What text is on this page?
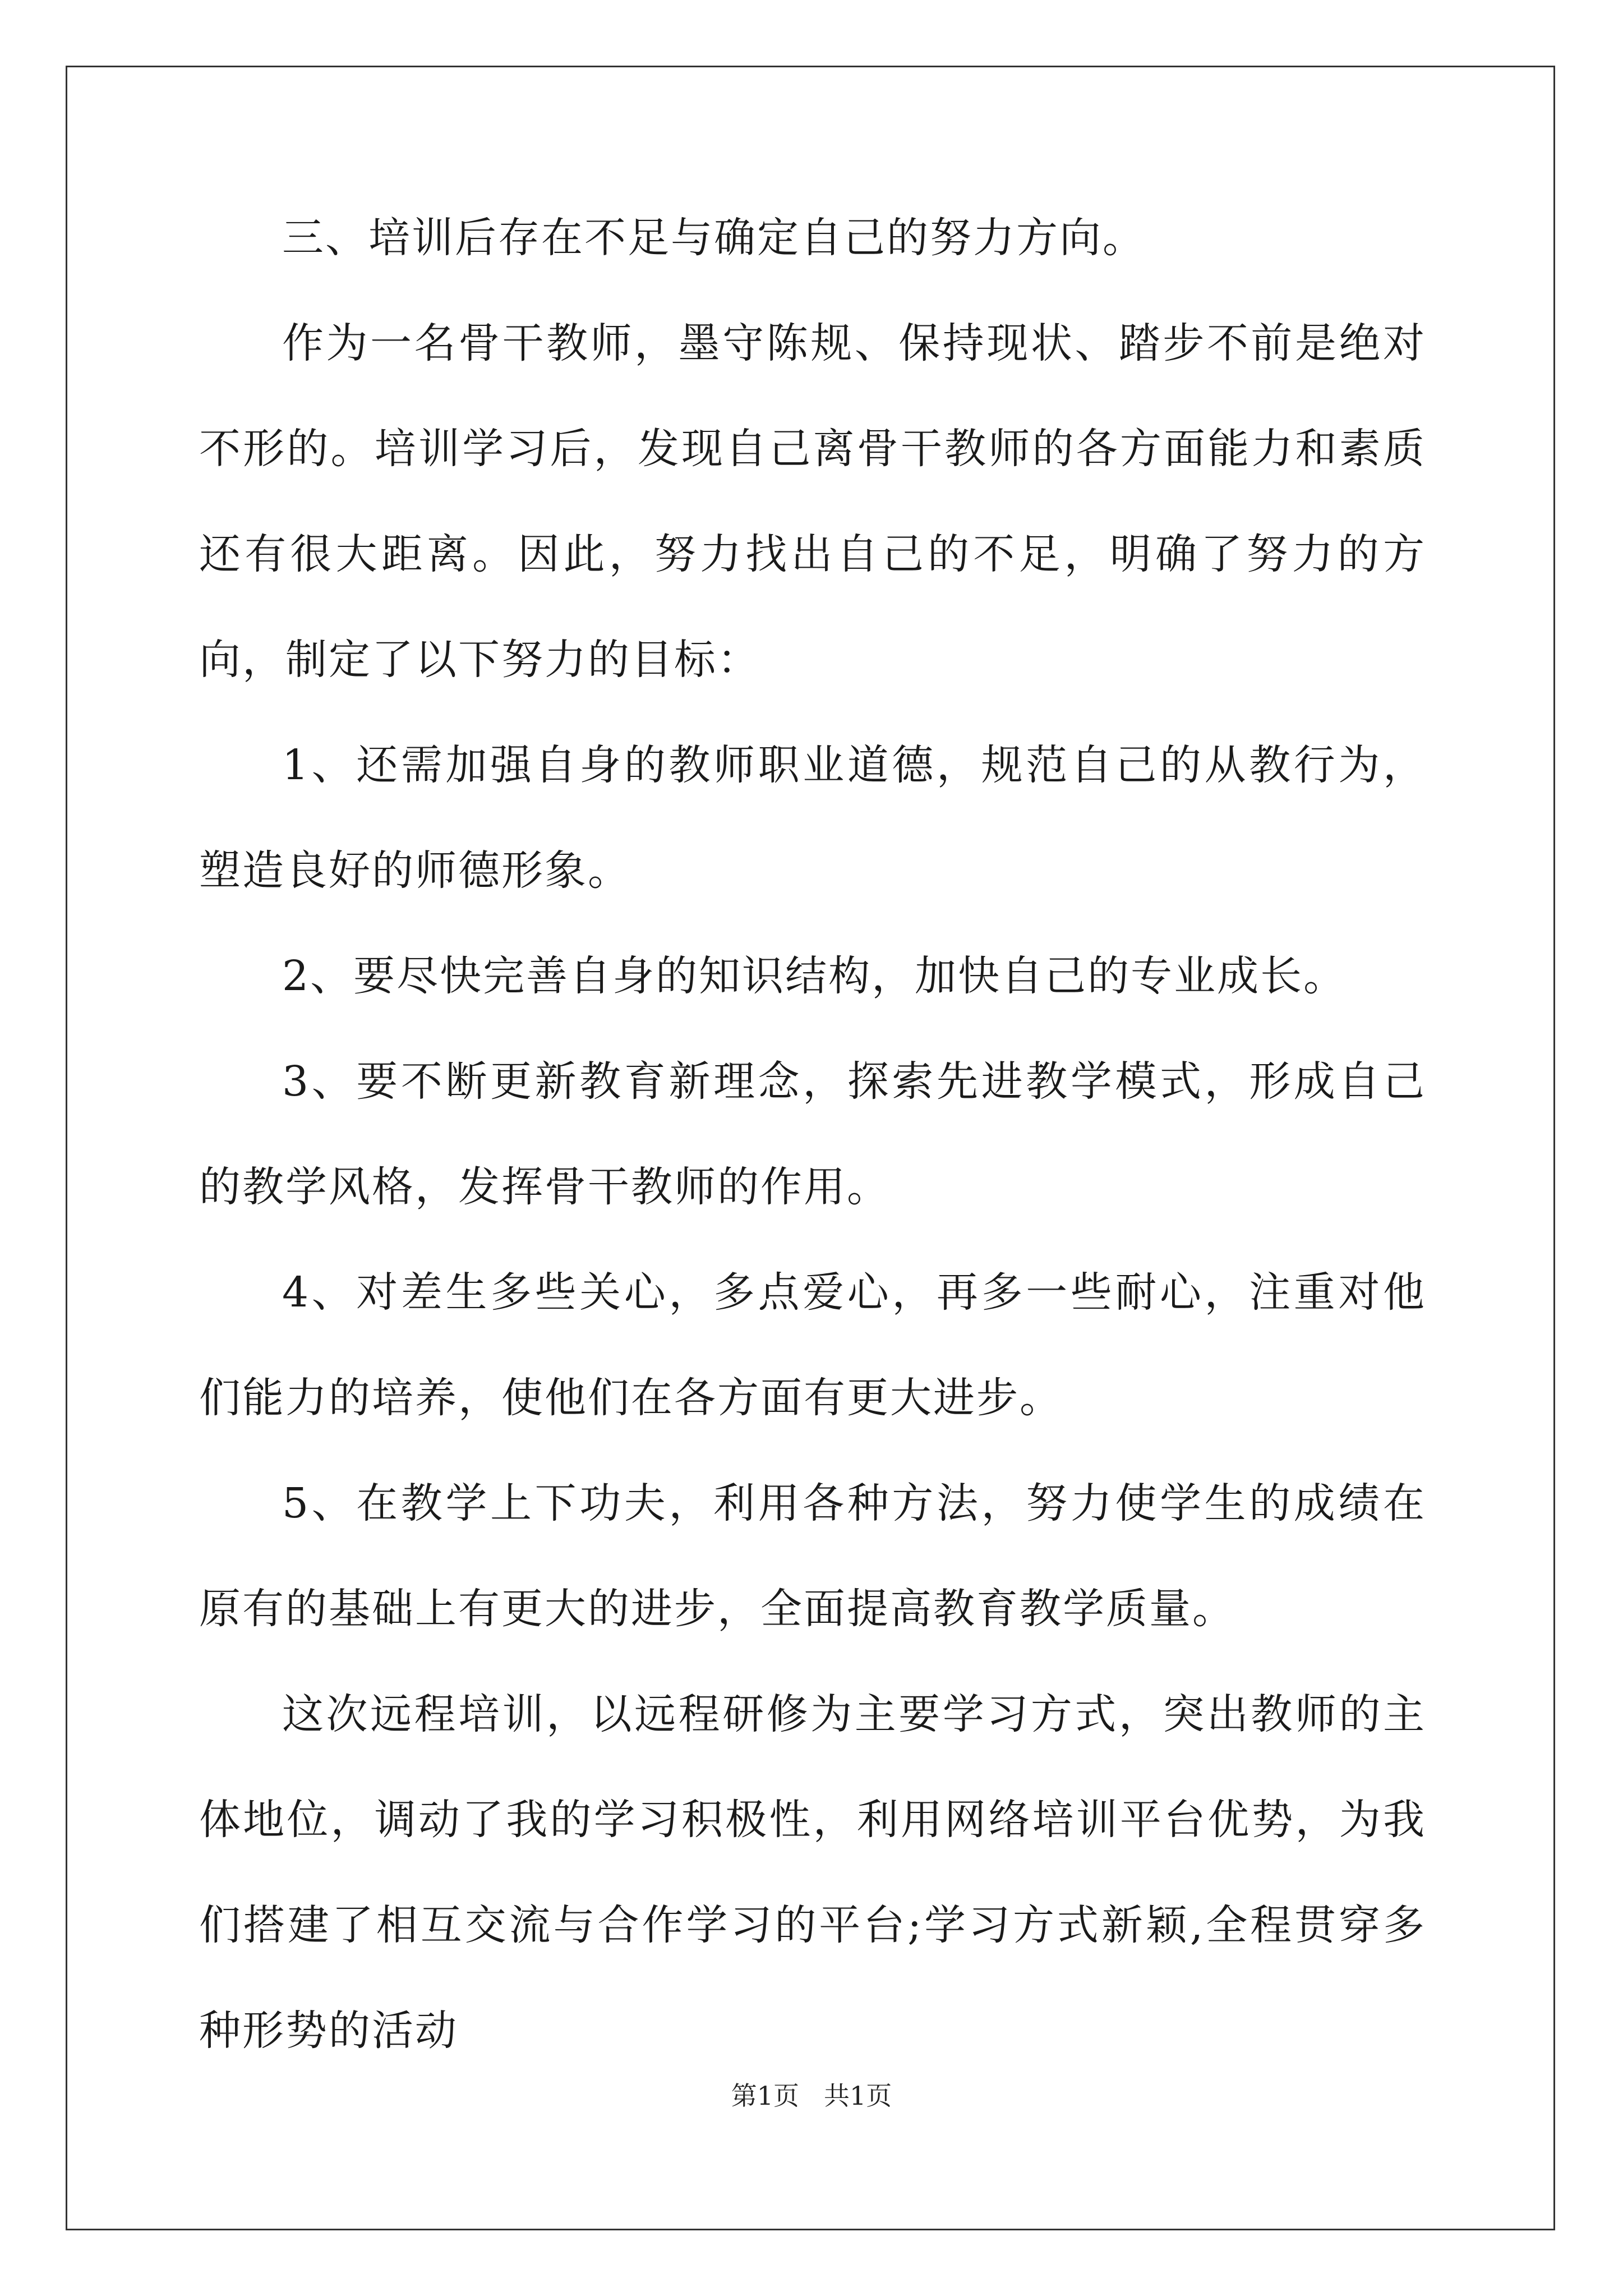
三、培训后存在不足与确定自己的努力方向。

作为一名骨干教师，墨守陈规、保持现状、踏步不前是绝对不形的。培训学习后，发现自己离骨干教师的各方面能力和素质还有很大距离。因此，努力找出自己的不足，明确了努力的方向，制定了以下努力的目标：

1、还需加强自身的教师职业道德，规范自己的从教行为，塑造良好的师德形象。

2、要尽快完善自身的知识结构，加快自己的专业成长。

3、要不断更新教育新理念，探索先进教学模式，形成自己的教学风格，发挥骨干教师的作用。

4、对差生多些关心，多点爱心，再多一些耐心，注重对他们能力的培养，使他们在各方面有更大进步。

5、在教学上下功夫，利用各种方法，努力使学生的成绩在原有的基础上有更大的进步，全面提高教育教学质量。

这次远程培训，以远程研修为主要学习方式，突出教师的主体地位，调动了我的学习积极性，利用网络培训平台优势，为我们搭建了相互交流与合作学习的平台;学习方式新颖,全程贯穿多种形势的活动

第1页 共1页
